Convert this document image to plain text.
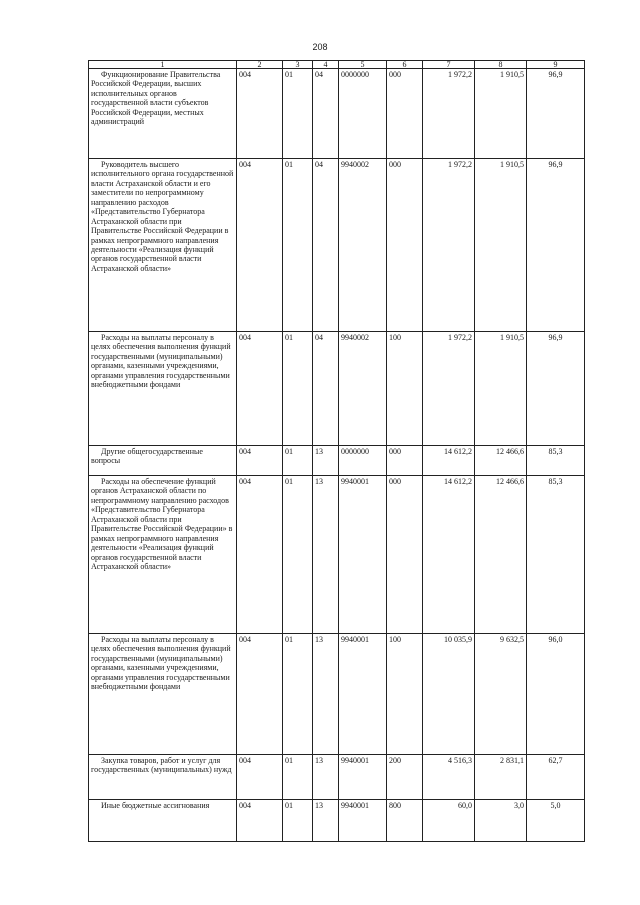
208
1	2	3	4	5	6	7	8	9
Функционирование Правительства Российской Федерации, высших исполнительных органов государственной власти субъектов Российской Федерации, местных администраций	004	01	04	0000000	000	1 972,2	1 910,5	96,9
Руководитель высшего исполнительного органа государственной власти Астраханской области и его заместители по непрограммному направлению расходов «Представительство Губернатора Астраханской области при Правительстве Российской Федерации в рамках непрограммного направления деятельности «Реализация функций органов государственной власти Астраханской области»	004	01	04	9940002	000	1 972,2	1 910,5	96,9
Расходы на выплаты персоналу в целях обеспечения выполнения функций государственными (муниципальными) органами, казенными учреждениями, органами управления государственными внебюджетными фондами	004	01	04	9940002	100	1 972,2	1 910,5	96,9
Другие общегосударственные вопросы	004	01	13	0000000	000	14 612,2	12 466,6	85,3
Расходы на обеспечение функций органов Астраханской области по непрограммному направлению расходов «Представительство Губернатора Астраханской области при Правительстве Российской Федерации» в рамках непрограммного направления деятельности «Реализация функций органов государственной власти Астраханской области»	004	01	13	9940001	000	14 612,2	12 466,6	85,3
Расходы на выплаты персоналу в целях обеспечения выполнения функций государственными (муниципальными) органами, казенными учреждениями, органами управления государственными внебюджетными фондами	004	01	13	9940001	100	10 035,9	9 632,5	96,0
Закупка товаров, работ и услуг для государственных (муниципальных) нужд	004	01	13	9940001	200	4 516,3	2 831,1	62,7
Иные бюджетные ассигнования	004	01	13	9940001	800	60,0	3,0	5,0
